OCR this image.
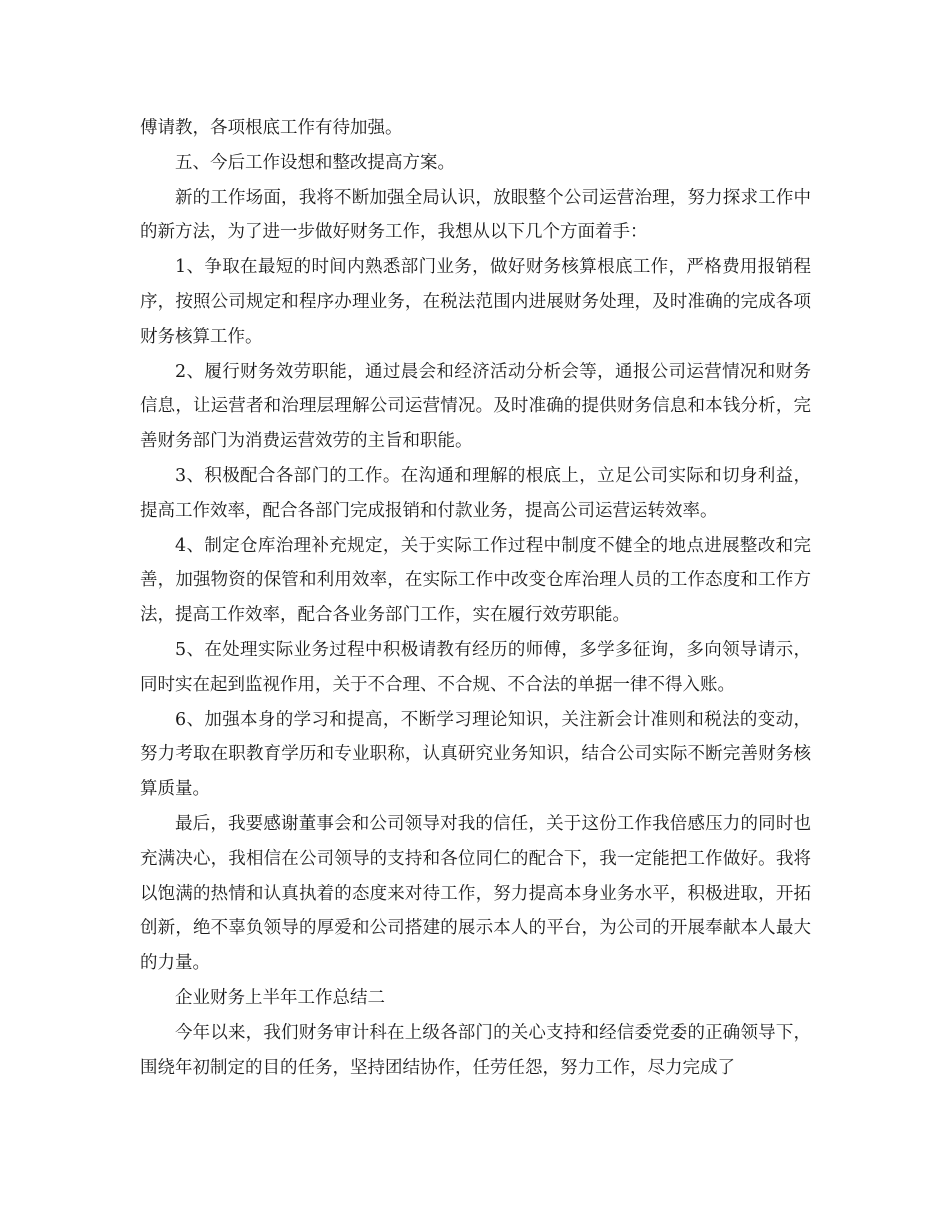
傅请教，各项根底工作有待加强。

五、今后工作设想和整改提高方案。

新的工作场面，我将不断加强全局认识，放眼整个公司运营治理，努力探求工作中的新方法，为了进一步做好财务工作，我想从以下几个方面着手：

1、争取在最短的时间内熟悉部门业务，做好财务核算根底工作，严格费用报销程序，按照公司规定和程序办理业务，在税法范围内进展财务处理，及时准确的完成各项财务核算工作。

2、履行财务效劳职能，通过晨会和经济活动分析会等，通报公司运营情况和财务信息，让运营者和治理层理解公司运营情况。及时准确的提供财务信息和本钱分析，完善财务部门为消费运营效劳的主旨和职能。

3、积极配合各部门的工作。在沟通和理解的根底上，立足公司实际和切身利益，提高工作效率，配合各部门完成报销和付款业务，提高公司运营运转效率。

4、制定仓库治理补充规定，关于实际工作过程中制度不健全的地点进展整改和完善，加强物资的保管和利用效率，在实际工作中改变仓库治理人员的工作态度和工作方法，提高工作效率，配合各业务部门工作，实在履行效劳职能。

5、在处理实际业务过程中积极请教有经历的师傅，多学多征询，多向领导请示，同时实在起到监视作用，关于不合理、不合规、不合法的单据一律不得入账。

6、加强本身的学习和提高，不断学习理论知识，关注新会计准则和税法的变动，努力考取在职教育学历和专业职称，认真研究业务知识，结合公司实际不断完善财务核算质量。

最后，我要感谢董事会和公司领导对我的信任，关于这份工作我倍感压力的同时也充满决心，我相信在公司领导的支持和各位同仁的配合下，我一定能把工作做好。我将以饱满的热情和认真执着的态度来对待工作，努力提高本身业务水平，积极进取，开拓创新，绝不辜负领导的厚爱和公司搭建的展示本人的平台，为公司的开展奉献本人最大的力量。

企业财务上半年工作总结二

今年以来，我们财务审计科在上级各部门的关心支持和经信委党委的正确领导下，围绕年初制定的目的任务，坚持团结协作，任劳任怨，努力工作，尽力完成了
